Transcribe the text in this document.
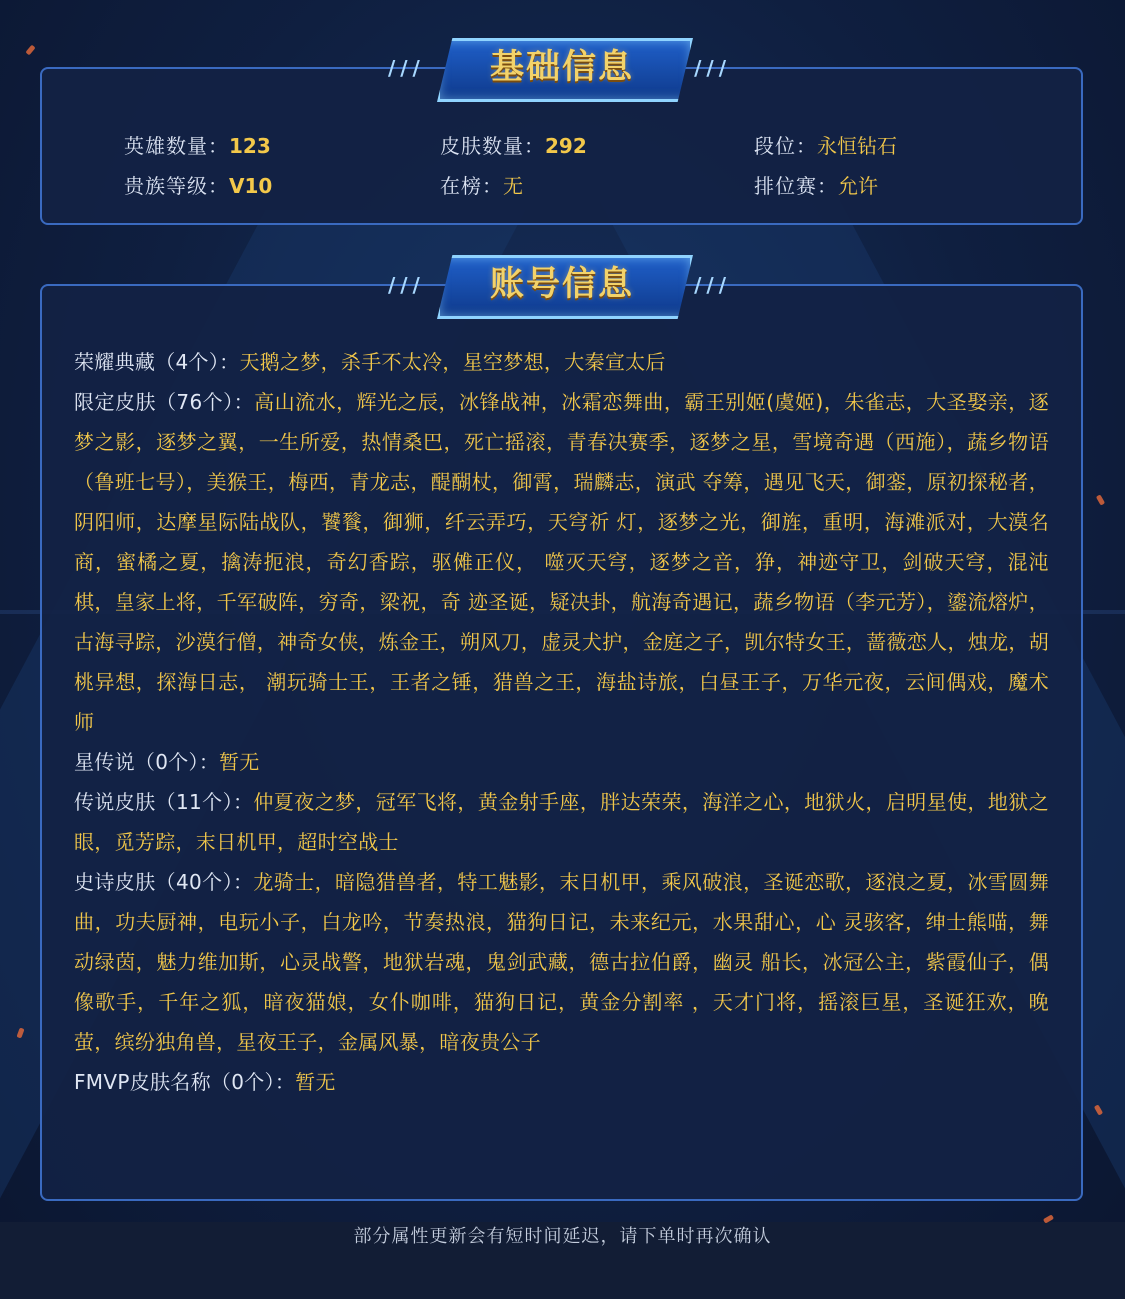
英雄数量：123	皮肤数量：292	段位：永恒钻石
贵族等级：V10	在榜：无	排位赛：允许
/ / /	基础信息	/ / /

荣耀典藏（4个）：天鹅之梦，杀手不太冷，星空梦想，大秦宣太后

限定皮肤（76个）：高山流水，辉光之辰，冰锋战神，冰霜恋舞曲，霸王别姬(虞姬)，朱雀志，大圣娶亲，逐梦之影，逐梦之翼，一生所爱，热情桑巴，死亡摇滚，青春决赛季，逐梦之星，雪境奇遇（西施），蔬乡物语（鲁班七号），美猴王，梅西，青龙志，醍醐杖，御霄，瑞麟志，演武 夺筹，遇见飞天，御銮，原初探秘者，阴阳师，达摩星际陆战队，饕餮，御狮，纤云弄巧，天穹祈 灯，逐梦之光，御旌，重明，海滩派对，大漠名商，蜜橘之夏，擒涛扼浪，奇幻香踪，驱傩正仪， 噬灭天穹，逐梦之音，狰，神迹守卫，剑破天穹，混沌棋，皇家上将，千军破阵，穷奇，梁祝，奇 迹圣诞，疑决卦，航海奇遇记，蔬乡物语（李元芳），鎏流熔炉，古海寻踪，沙漠行僧，神奇女侠，炼金王，朔风刀，虚灵犬护，金庭之子，凯尔特女王，蔷薇恋人，烛龙，胡桃异想，探海日志， 潮玩骑士王，王者之锤，猎兽之王，海盐诗旅，白昼王子，万华元夜，云间偶戏，魔术师

星传说（0个）：暂无

传说皮肤（11个）：仲夏夜之梦，冠军飞将，黄金射手座，胖达荣荣，海洋之心，地狱火，启明星使，地狱之眼，觅芳踪，末日机甲，超时空战士

史诗皮肤（40个）：龙骑士，暗隐猎兽者，特工魅影，末日机甲，乘风破浪，圣诞恋歌，逐浪之夏，冰雪圆舞曲，功夫厨神，电玩小子，白龙吟，节奏热浪，猫狗日记，未来纪元，水果甜心，心 灵骇客，绅士熊喵，舞动绿茵，魅力维加斯，心灵战警，地狱岩魂，鬼剑武藏，德古拉伯爵，幽灵 船长，冰冠公主，紫霞仙子，偶像歌手，千年之狐，暗夜猫娘，女仆咖啡，猫狗日记，黄金分割率 ，天才门将，摇滚巨星，圣诞狂欢，晚萤，缤纷独角兽，星夜王子，金属风暴，暗夜贵公子

FMVP皮肤名称（0个）：暂无

/ / /	账号信息	/ / /
部分属性更新会有短时间延迟，请下单时再次确认
